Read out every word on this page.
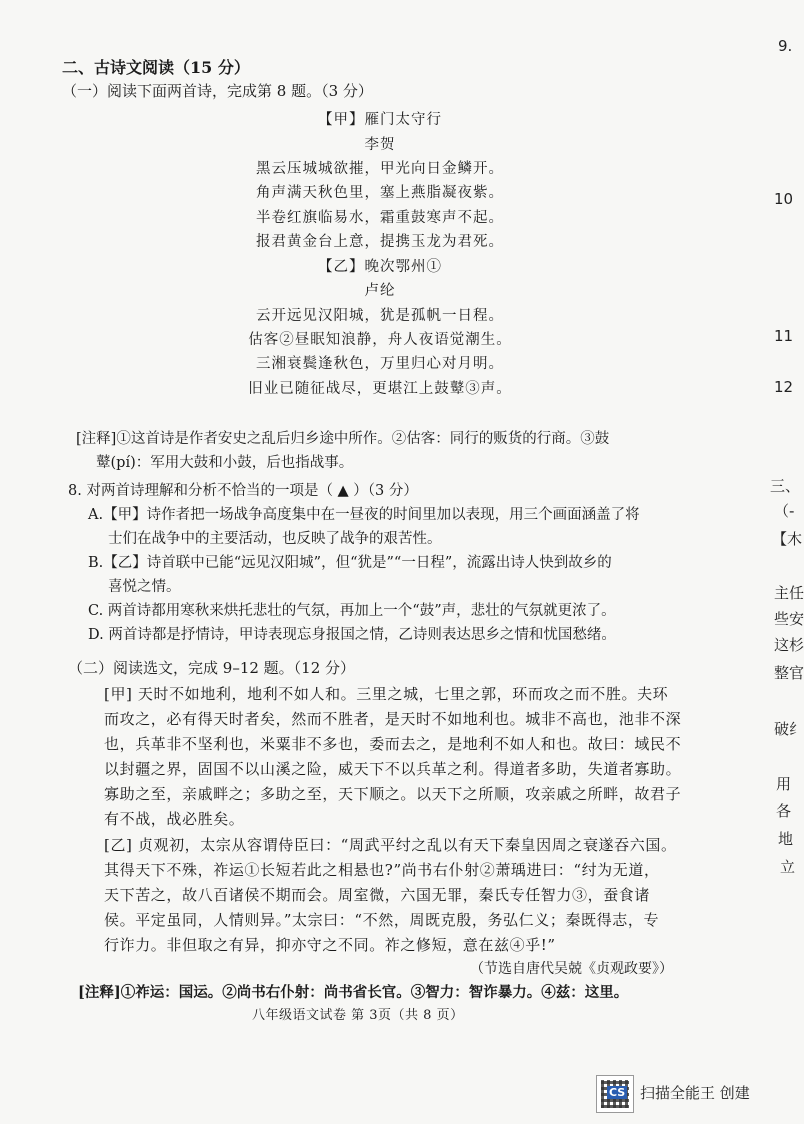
二、古诗文阅读（15 分）
（一）阅读下面两首诗，完成第 8 题。（3 分）
【甲】雁门太守行
李贺
黑云压城城欲摧，甲光向日金鳞开。
角声满天秋色里，塞上燕脂凝夜紫。
半卷红旗临易水，霜重鼓寒声不起。
报君黄金台上意，提携玉龙为君死。
【乙】晚次鄂州①
卢纶
云开远见汉阳城，犹是孤帆一日程。
估客②昼眠知浪静，舟人夜语觉潮生。
三湘衰鬓逢秋色，万里归心对月明。
旧业已随征战尽，更堪江上鼓鼙③声。
[注释]①这首诗是作者安史之乱后归乡途中所作。②估客：同行的贩货的行商。③鼓
鼙(pí)：军用大鼓和小鼓，后也指战事。
8. 对两首诗理解和分析不恰当的一项是（ ▲ ）（3 分）
A.【甲】诗作者把一场战争高度集中在一昼夜的时间里加以表现，用三个画面涵盖了将
士们在战争中的主要活动，也反映了战争的艰苦性。
B.【乙】诗首联中已能“远见汉阳城”，但“犹是”“一日程”，流露出诗人快到故乡的
喜悦之情。
C. 两首诗都用寒秋来烘托悲壮的气氛，再加上一个“鼓”声，悲壮的气氛就更浓了。
D. 两首诗都是抒情诗，甲诗表现忘身报国之情，乙诗则表达思乡之情和忧国愁绪。
（二）阅读选文，完成 9–12 题。（12 分）
[甲] 天时不如地利，地利不如人和。三里之城，七里之郭，环而攻之而不胜。夫环
而攻之，必有得天时者矣，然而不胜者，是天时不如地利也。城非不高也，池非不深
也，兵革非不坚利也，米粟非不多也，委而去之，是地利不如人和也。故曰：域民不
以封疆之界，固国不以山溪之险，威天下不以兵革之利。得道者多助，失道者寡助。
寡助之至，亲戚畔之；多助之至，天下顺之。以天下之所顺，攻亲戚之所畔，故君子
有不战，战必胜矣。
[乙] 贞观初，太宗从容谓侍臣曰：“周武平纣之乱以有天下秦皇因周之衰遂吞六国。
其得天下不殊，祚运①长短若此之相悬也?”尚书右仆射②萧瑀进曰：“纣为无道，
天下苦之，故八百诸侯不期而会。周室微，六国无罪，秦氏专任智力③，蚕食诸
侯。平定虽同，人情则异。”太宗曰：“不然，周既克殷，务弘仁义；秦既得志，专
行诈力。非但取之有异，抑亦守之不同。祚之修短，意在兹④乎!”
（节选自唐代吴兢《贞观政要》）
[注释]①祚运：国运。②尚书右仆射：尚书省长官。③智力：智诈暴力。④兹：这里。
八年级语文试卷 第 3页（共 8 页）
9.
10
11
12
三、
（-
【木
主任
些安
这杉
整官
破纟
用
各
地
立
CS 扫描全能王 创建
